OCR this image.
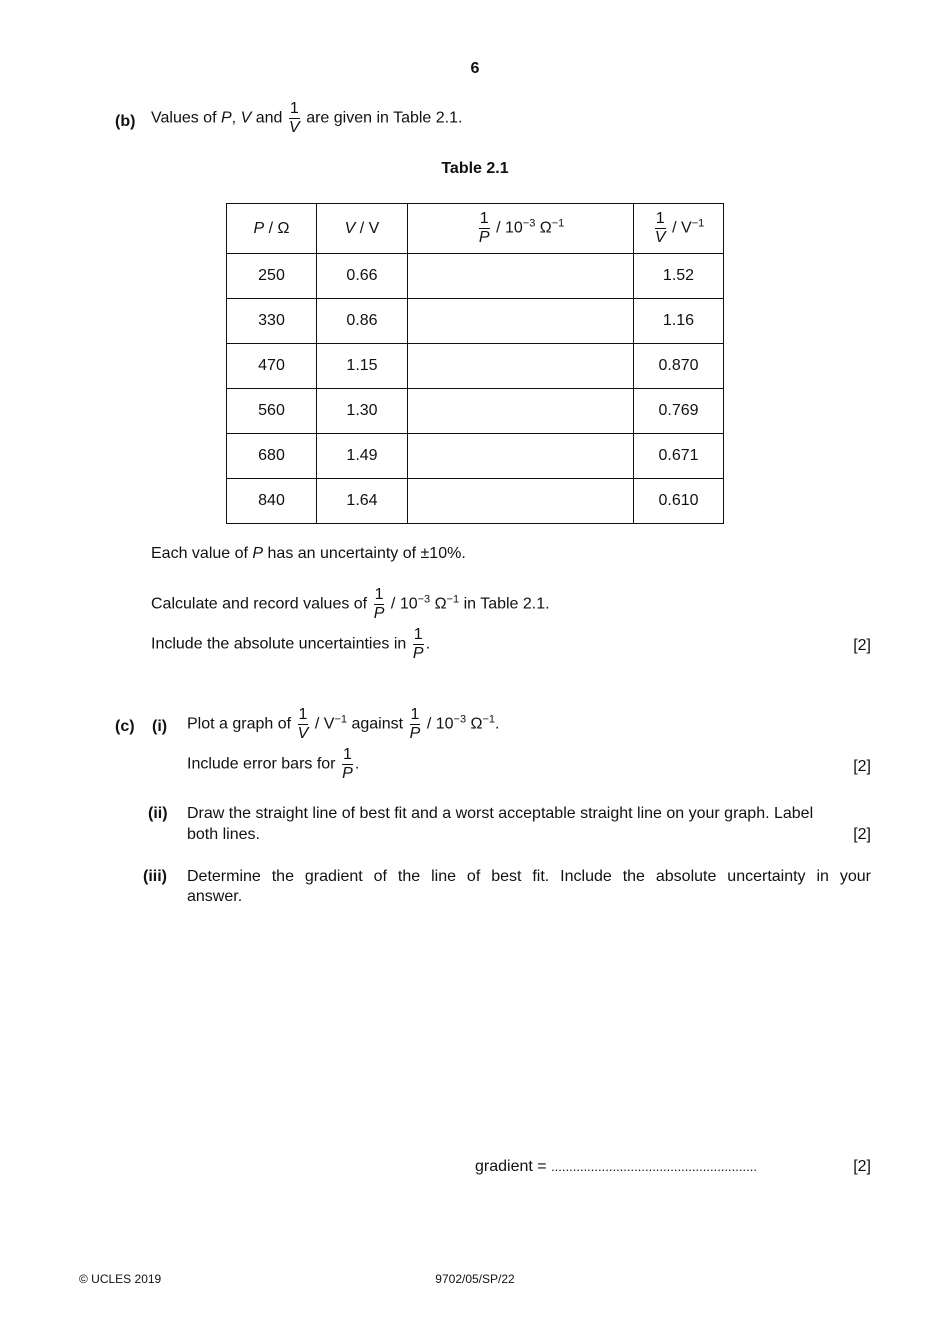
6
(b) Values of P, V and $\frac{1}{V}$ are given in Table 2.1.
Table 2.1
P / Ω	V / V	$\frac{1}{P} / 10^{-3}$ $\Omega^{-1}$	$\frac{1}{V} / V^{-1}$
250	0.66		1.52
330	0.86		1.16
470	1.15		0.870
560	1.30		0.769
680	1.49		0.671
840	1.64		0.610
Each value of P has an uncertainty of ±10%.
Calculate and record values of $\frac{1}{P} / 10^{-3}$ $\Omega^{-1}$ in Table 2.1.
Include the absolute uncertainties in $\frac{1}{P}$ .	[2]
(c) (i) Plot a graph of $\frac{1}{V} / V^{-1}$ against $\frac{1}{P} / 10^{-3}$ $\Omega^{-1}$.
Include error bars for $\frac{1}{P}$ .	[2]
(ii) Draw the straight line of best fit and a worst acceptable straight line on your graph. Label
both lines.	[2]
(iii) Determine the gradient of the line of best fit. Include the absolute uncertainty in your
answer.
gradient = .........................................................	[2]
© UCLES 2019	9702/05/SP/22
